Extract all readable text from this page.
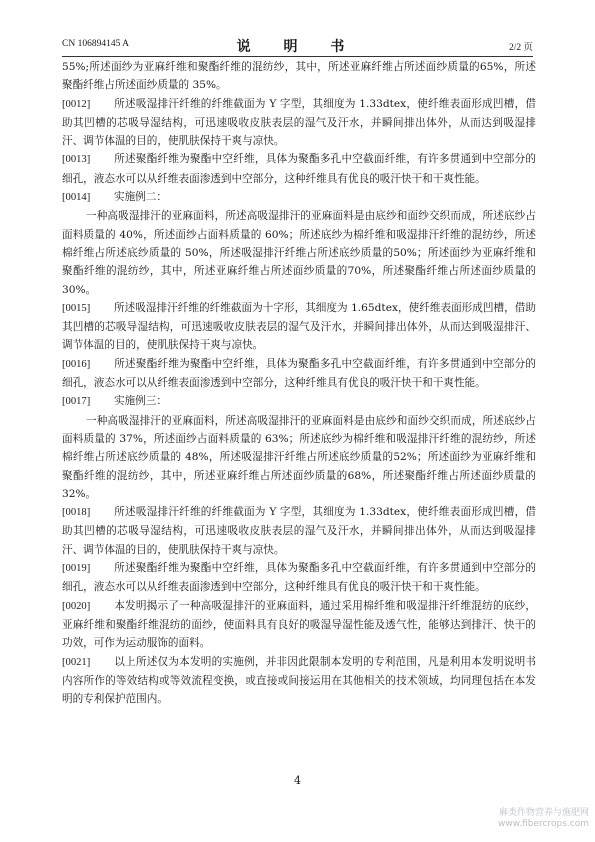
CN 106894145 A	说 明 书	2/2 页

55%;所述面纱为亚麻纤维和聚酯纤维的混纺纱，其中，所述亚麻纤维占所述面纱质量的65%，所述聚酯纤维占所述面纱质量的 35%。

[0012] 所述吸湿排汗纤维的纤维截面为 Y 字型，其细度为 1.33dtex，使纤维表面形成凹槽，借助其凹槽的芯吸导湿结构，可迅速吸收皮肤表层的湿气及汗水，并瞬间排出体外，从而达到吸湿排汗、调节体温的目的，使肌肤保持干爽与凉快。

[0013] 所述聚酯纤维为聚酯中空纤维，具体为聚酯多孔中空截面纤维，有许多贯通到中空部分的细孔，液态水可以从纤维表面渗透到中空部分，这种纤维具有优良的吸汗快干和干爽性能。

[0014] 实施例二：

一种高吸湿排汗的亚麻面料，所述高吸湿排汗的亚麻面料是由底纱和面纱交织而成，所述底纱占面料质量的 40%，所述面纱占面料质量的 60%；所述底纱为棉纤维和吸湿排汗纤维的混纺纱，所述棉纤维占所述底纱质量的 50%，所述吸湿排汗纤维占所述底纱质量的50%；所述面纱为亚麻纤维和聚酯纤维的混纺纱，其中，所述亚麻纤维占所述面纱质量的70%，所述聚酯纤维占所述面纱质量的 30%。

[0015] 所述吸湿排汗纤维的纤维截面为十字形，其细度为 1.65dtex，使纤维表面形成凹槽，借助其凹槽的芯吸导湿结构，可迅速吸收皮肤表层的湿气及汗水，并瞬间排出体外，从而达到吸湿排汗、调节体温的目的，使肌肤保持干爽与凉快。

[0016] 所述聚酯纤维为聚酯中空纤维，具体为聚酯多孔中空截面纤维，有许多贯通到中空部分的细孔，液态水可以从纤维表面渗透到中空部分，这种纤维具有优良的吸汗快干和干爽性能。

[0017] 实施例三：

一种高吸湿排汗的亚麻面料，所述高吸湿排汗的亚麻面料是由底纱和面纱交织而成，所述底纱占面料质量的 37%，所述面纱占面料质量的 63%；所述底纱为棉纤维和吸湿排汗纤维的混纺纱，所述棉纤维占所述底纱质量的 48%，所述吸湿排汗纤维占所述底纱质量的52%；所述面纱为亚麻纤维和聚酯纤维的混纺纱，其中，所述亚麻纤维占所述面纱质量的68%，所述聚酯纤维占所述面纱质量的 32%。

[0018] 所述吸湿排汗纤维的纤维截面为 Y 字型，其细度为 1.33dtex，使纤维表面形成凹槽，借助其凹槽的芯吸导湿结构，可迅速吸收皮肤表层的湿气及汗水，并瞬间排出体外，从而达到吸湿排汗、调节体温的目的，使肌肤保持干爽与凉快。

[0019] 所述聚酯纤维为聚酯中空纤维，具体为聚酯多孔中空截面纤维，有许多贯通到中空部分的细孔，液态水可以从纤维表面渗透到中空部分，这种纤维具有优良的吸汗快干和干爽性能。

[0020] 本发明揭示了一种高吸湿排汗的亚麻面料，通过采用棉纤维和吸湿排汗纤维混纺的底纱，亚麻纤维和聚酯纤维混纺的面纱，使面料具有良好的吸湿导湿性能及透气性，能够达到排汗、快干的功效，可作为运动服饰的面料。

[0021] 以上所述仅为本发明的实施例，并非因此限制本发明的专利范围，凡是利用本发明说明书内容所作的等效结构或等效流程变换，或直接或间接运用在其他相关的技术领域，均同理包括在本发明的专利保护范围内。

4
麻类作物营养与施肥网
www.fibercrops.com
